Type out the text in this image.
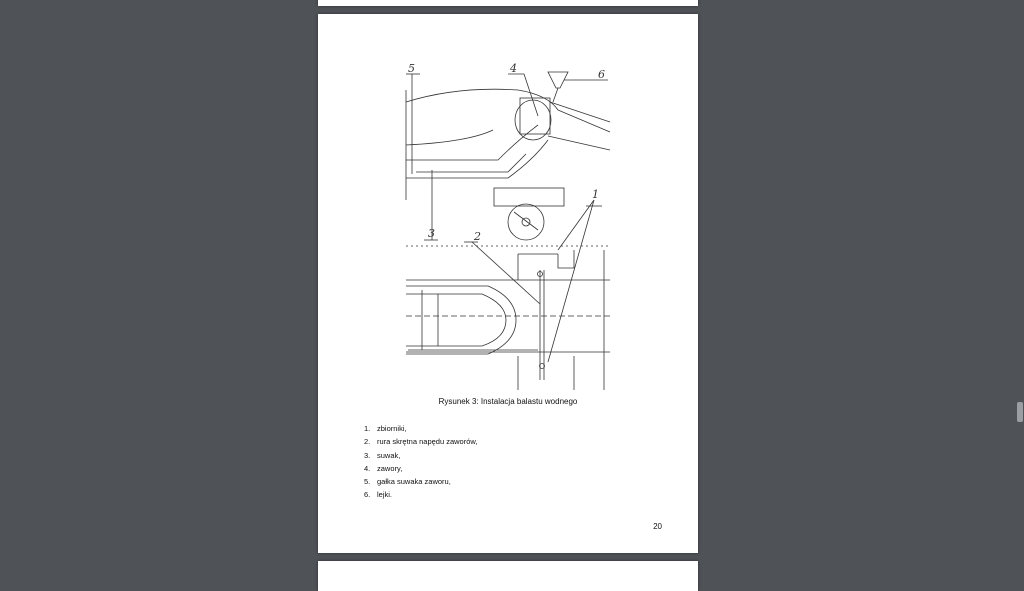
5	4	6
3	2
1
Rysunek 3: Instalacja balastu wodnego
1. zbiorniki,
2. rura skrętna napędu zaworów,
3. suwak,
4. zawory,
5. gałka suwaka zaworu,
6. lejki.
20
